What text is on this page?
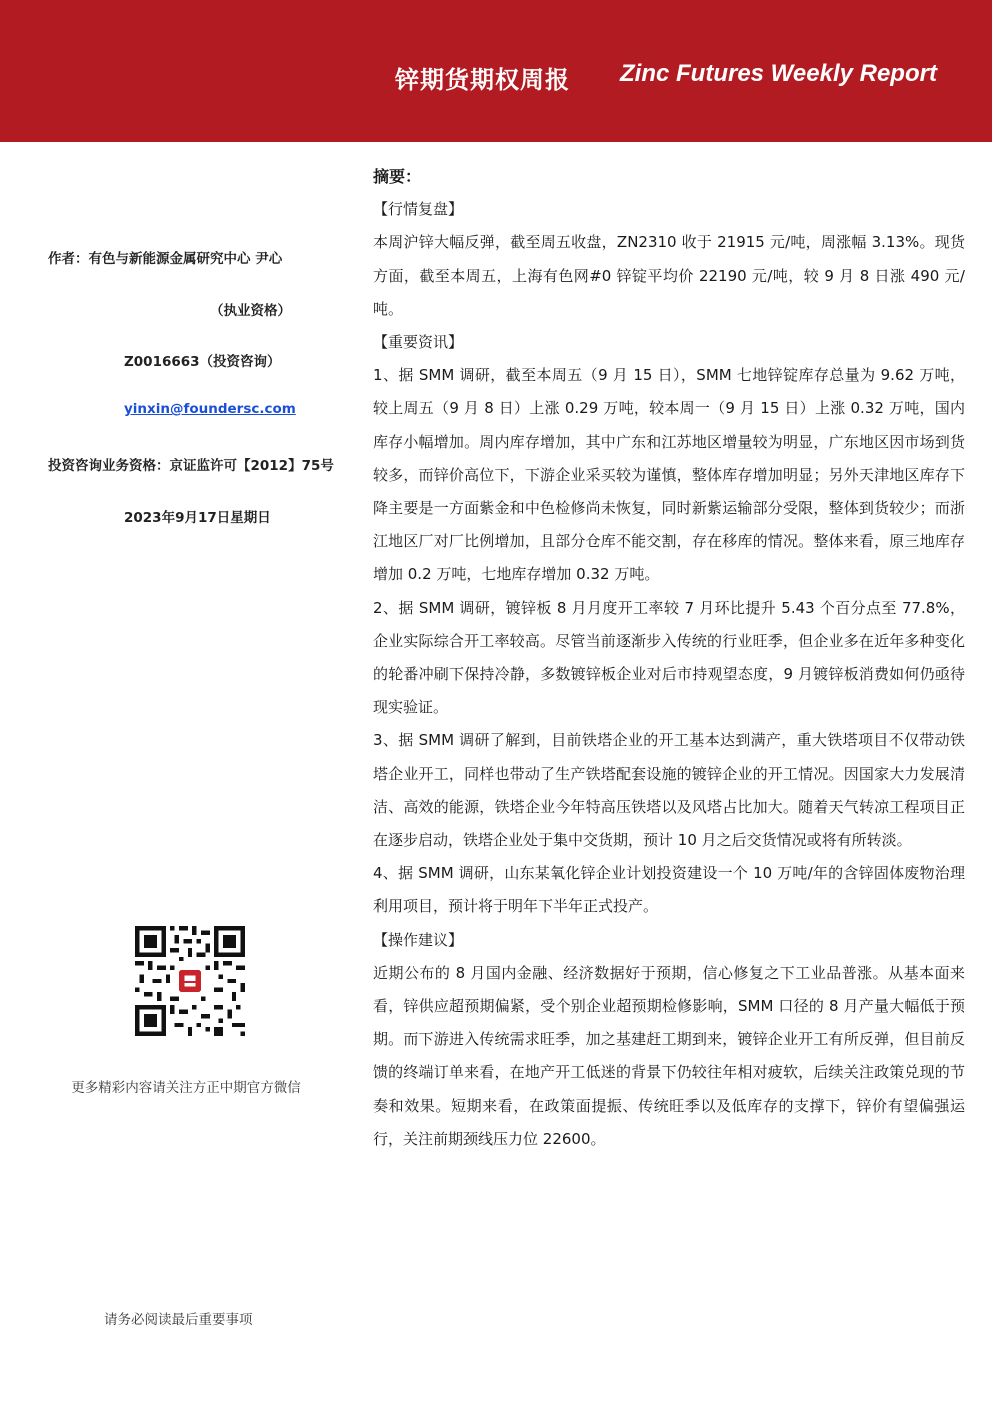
锌期货期权周报 Zinc Futures Weekly Report
作者：有色与新能源金属研究中心 尹心
（执业资格）
Z0016663（投资咨询）
yinxin@foundersc.com
投资咨询业务资格：京证监许可【2012】75号
2023年9月17日星期日
更多精彩内容请关注方正中期官方微信
请务必阅读最后重要事项

摘要：

【行情复盘】

本周沪锌大幅反弹，截至周五收盘，ZN2310 收于 21915 元/吨，周涨幅 3.13%。现货方面，截至本周五，上海有色网#0 锌锭平均价 22190 元/吨，较 9 月 8 日涨 490 元/吨。

【重要资讯】

1、据 SMM 调研，截至本周五（9 月 15 日），SMM 七地锌锭库存总量为 9.62 万吨，较上周五（9 月 8 日）上涨 0.29 万吨，较本周一（9 月 15 日）上涨 0.32 万吨，国内库存小幅增加。周内库存增加，其中广东和江苏地区增量较为明显，广东地区因市场到货较多，而锌价高位下，下游企业采买较为谨慎，整体库存增加明显；另外天津地区库存下降主要是一方面紫金和中色检修尚未恢复，同时新紫运输部分受限，整体到货较少；而浙江地区厂对厂比例增加，且部分仓库不能交割，存在移库的情况。整体来看，原三地库存增加 0.2 万吨，七地库存增加 0.32 万吨。

2、据 SMM 调研，镀锌板 8 月月度开工率较 7 月环比提升 5.43 个百分点至 77.8%，企业实际综合开工率较高。尽管当前逐渐步入传统的行业旺季，但企业多在近年多种变化的轮番冲刷下保持冷静，多数镀锌板企业对后市持观望态度，9 月镀锌板消费如何仍亟待现实验证。

3、据 SMM 调研了解到，目前铁塔企业的开工基本达到满产，重大铁塔项目不仅带动铁塔企业开工，同样也带动了生产铁塔配套设施的镀锌企业的开工情况。因国家大力发展清洁、高效的能源，铁塔企业今年特高压铁塔以及风塔占比加大。随着天气转凉工程项目正在逐步启动，铁塔企业处于集中交货期，预计 10 月之后交货情况或将有所转淡。

4、据 SMM 调研，山东某氧化锌企业计划投资建设一个 10 万吨/年的含锌固体废物治理利用项目，预计将于明年下半年正式投产。

【操作建议】

近期公布的 8 月国内金融、经济数据好于预期，信心修复之下工业品普涨。从基本面来看，锌供应超预期偏紧，受个别企业超预期检修影响，SMM 口径的 8 月产量大幅低于预期。而下游进入传统需求旺季，加之基建赶工期到来，镀锌企业开工有所反弹，但目前反馈的终端订单来看，在地产开工低迷的背景下仍较往年相对疲软，后续关注政策兑现的节奏和效果。短期来看，在政策面提振、传统旺季以及低库存的支撑下，锌价有望偏强运行，关注前期颈线压力位 22600。
